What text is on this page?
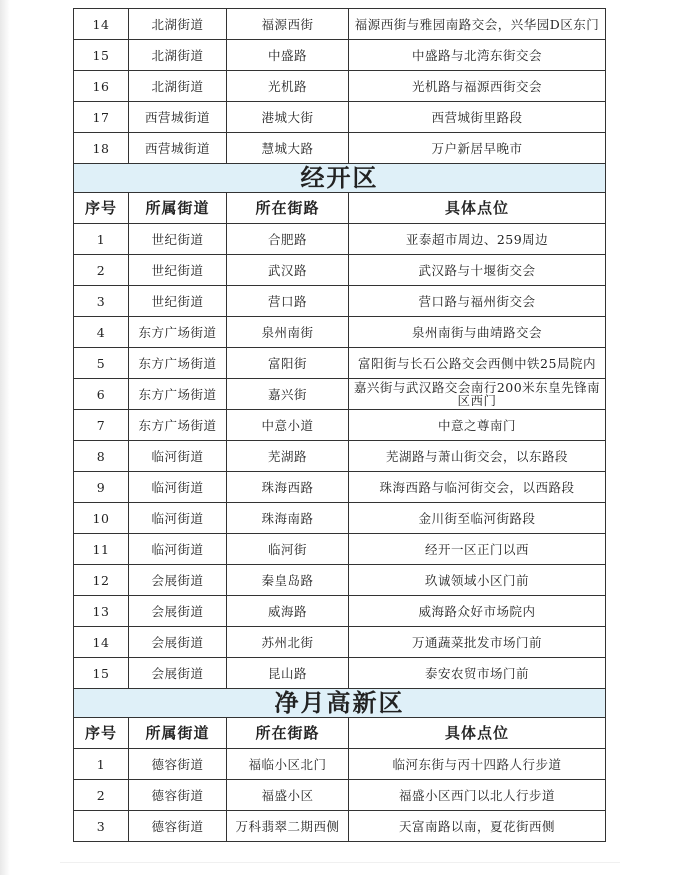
14	北湖街道	福源西街	福源西街与雅园南路交会，兴华园D区东门
15	北湖街道	中盛路	中盛路与北湾东街交会
16	北湖街道	光机路	光机路与福源西街交会
17	西营城街道	港城大街	西营城街里路段
18	西营城街道	慧城大路	万户新居早晚市
经开区			
序号	所属街道	所在街路	具体点位
1	世纪街道	合肥路	亚泰超市周边、259周边
2	世纪街道	武汉路	武汉路与十堰街交会
3	世纪街道	营口路	营口路与福州街交会
4	东方广场街道	泉州南街	泉州南街与曲靖路交会
5	东方广场街道	富阳街	富阳街与长石公路交会西侧中铁25局院内
6	东方广场街道	嘉兴街	嘉兴街与武汉路交会南行200米东皇先锋南区西门
7	东方广场街道	中意小道	中意之尊南门
8	临河街道	芜湖路	芜湖路与萧山街交会，以东路段
9	临河街道	珠海西路	珠海西路与临河街交会，以西路段
10	临河街道	珠海南路	金川街至临河街路段
11	临河街道	临河街	经开一区正门以西
12	会展街道	秦皇岛路	玖诚领域小区门前
13	会展街道	威海路	威海路众好市场院内
14	会展街道	苏州北街	万通蔬菜批发市场门前
15	会展街道	昆山路	泰安农贸市场门前
净月高新区			
序号	所属街道	所在街路	具体点位
1	德容街道	福临小区北门	临河东街与丙十四路人行步道
2	德容街道	福盛小区	福盛小区西门以北人行步道
3	德容街道	万科翡翠二期西侧	天富南路以南，夏花街西侧
